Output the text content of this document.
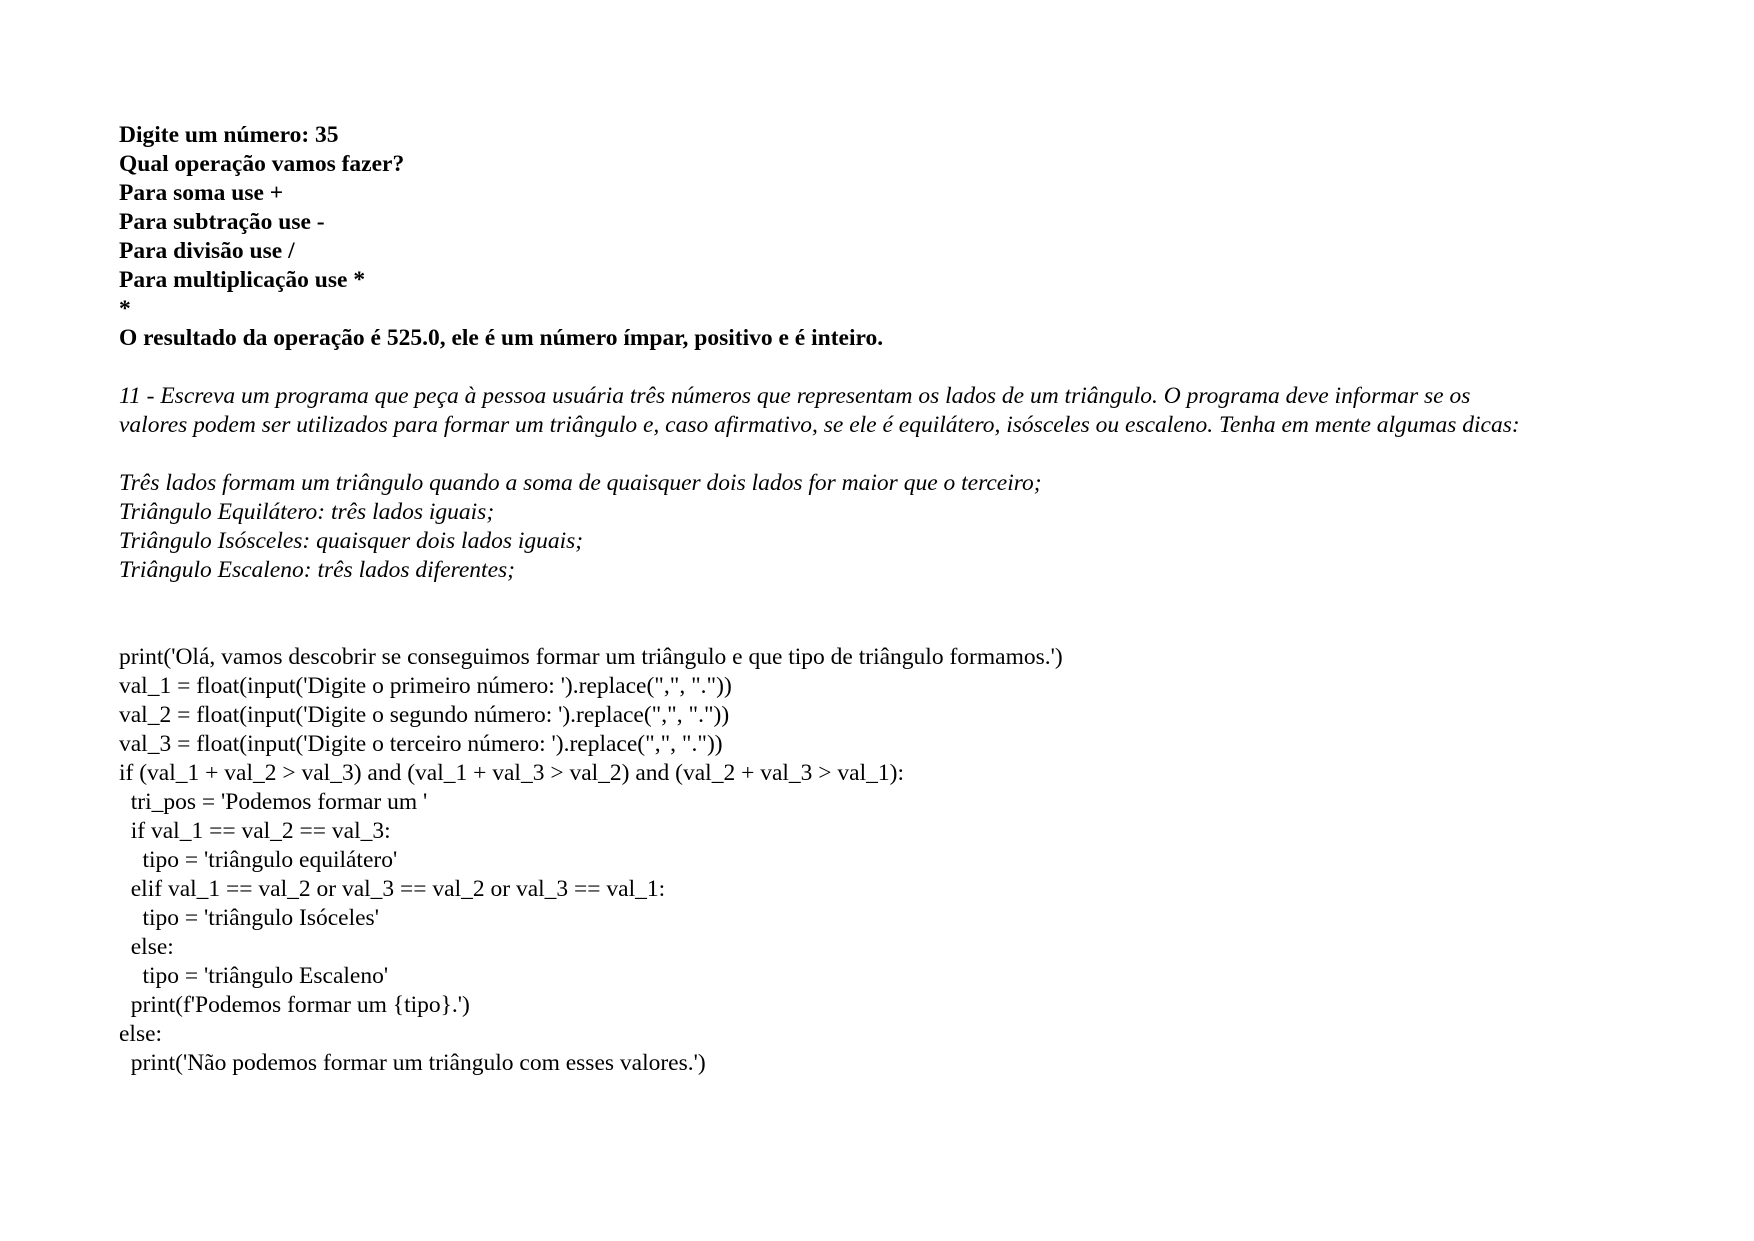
Digite um número: 35
Qual operação vamos fazer?
Para soma use +
Para subtração use -
Para divisão use /
Para multiplicação use *
*
O resultado da operação é 525.0, ele é um número ímpar, positivo e é inteiro.
11 - Escreva um programa que peça à pessoa usuária três números que representam os lados de um triângulo. O programa deve informar se os
valores podem ser utilizados para formar um triângulo e, caso afirmativo, se ele é equilátero, isósceles ou escaleno. Tenha em mente algumas dicas:
Três lados formam um triângulo quando a soma de quaisquer dois lados for maior que o terceiro;
Triângulo Equilátero: três lados iguais;
Triângulo Isósceles: quaisquer dois lados iguais;
Triângulo Escaleno: três lados diferentes;
print('Olá, vamos descobrir se conseguimos formar um triângulo e que tipo de triângulo formamos.')
val_1 = float(input('Digite o primeiro número: ').replace(",", "."))
val_2 = float(input('Digite o segundo número: ').replace(",", "."))
val_3 = float(input('Digite o terceiro número: ').replace(",", "."))
if (val_1 + val_2 > val_3) and (val_1 + val_3 > val_2) and (val_2 + val_3 > val_1):
tri_pos = 'Podemos formar um '
if val_1 == val_2 == val_3:
tipo = 'triângulo equilátero'
elif val_1 == val_2 or val_3 == val_2 or val_3 == val_1:
tipo = 'triângulo Isóceles'
else:
tipo = 'triângulo Escaleno'
print(f'Podemos formar um {tipo}.')
else:
print('Não podemos formar um triângulo com esses valores.')
